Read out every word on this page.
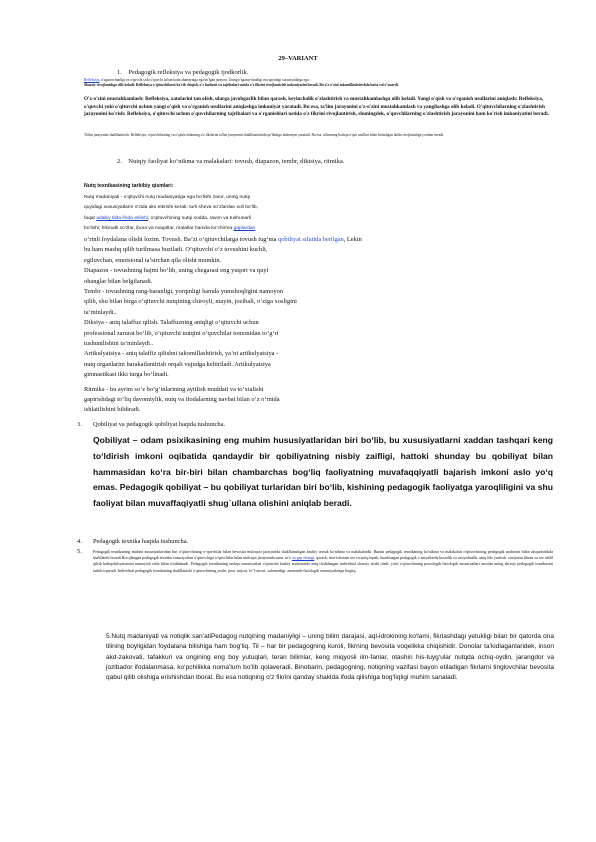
29–VARIANT
1. Pedagogik refleksiya va pedagogik ijodkorlik.
Refleksiya, o'zgaruvchanligi va o'quvchi yoki o'quvchi uchun katta ahamiyatga ega bo'lgan jarayon. Uning o'zgaruvchanligi esa quyidagi xususiyatlarga ega:
Shaxsiy rivojlanishga olib keladi: Refleksiya o'qituvchilarni ko'rib chiqish, o'z faoliyati va tajribalari ustida o'z fikrini rivojlantirish imkoniyatini beradi. Bu o'z-o'zini takomillashtirishda katta rol o'ynaydi.
O'z-o'zini mustahkamlash: Refleksiya, xatolarini tan olish, ularga javobgarlik bilan qarash, keyinchalik o'zlashtirish va mustahkamlashga olib keladi. Yangi o'qish va o'rganish usullarini aniqlash: Refleksiya, o'quvchi yoki o'qituvchi uchun yangi o'qish va o'rganish usullarini aniqlashga imkoniyat yaratadi. Bu esa, ta'lim jarayonini o'z-o'zini mustahkamlash va yangilashga olib keladi. O'qituvchilarning o'zlashtirish jarayonini ko'rish: Refleksiya, o'qituvchi uchun o'quvchilarning tajribalari va o'rganishlari ustida o'z fikrini rivojlantirish, shuningdek, o'quvchilarning o'zlashtirish jarayonini ham ko'rish imkoniyatini beradi.
Ta'lim jarayonini shakllantirish: Refleksiya, o'quvchilarning va o'qituvchilarning o'z fikrlarini ta'lim jarayonini shakllantirishda qo'llashga imkoniyat yaratadi. Bu esa, ta'limning boshqa o'quv usullari bilan birlashgan holda rivojlanishga yordam beradi.
2. Nutqiy faoliyat ko‘nikma va malakalari: tovush, diapazon, tembr, diktsiya, ritmika.
Nutq texnikasining tarkibiy qismlari:
Nutq madaniyati - o’qituvchi nutq madaniyatiga ega bo’lishi zarur, uning nutqi
quyidagi xususiyatlarni o’zida aks ettirishi kerak: turli sheva so’zlardan xoli bo’lib,
faqat adabiy tilda ifoda etilishi; o’qituvchining nutqi sodda, ravon va tushunarli
bo’lishi; hikmatli so’zlar, ibora va maqollar, matallar hamda ko’chirma gaplardan
o‘rinli foydalana olishi lozim. Tovush. Ba’zi o‘qituvchilarga tovush tug‘ma qobiliyat sifatida berilgan, Lekin
bu ham mashq qilib turilmasa buziladi. O‘qituvchi o‘z tovushini kuchli,
egiluvchan, emotsional ta’sirchan qila olishi mumkin.
Diapazon - tovushning hajmi bo‘lib, uning chegarasi eng yuqori va quyi
ohanglar bilan belgilanadi.
Tembr - tovushning rang-baranligi, yorqinligi hamda yumshoqligini namoyon
qilib, shu bilan birga o‘qituvchi nutqining chiroyli, mayin, jozibali, o‘ziga xosligini
ta’minlaydi..
Diksiya - aniq talaffuz qilish. Talaffuzning aniqligi o‘qituvchi uchun
professional zarurat bo‘lib, o‘qituvchi nutqini o‘quvchilar tomonidan to‘g‘ri
tushunilishini ta’minlaydi..
Artikulyatsiya - aniq talaffiz qilishni takomillashtirish, ya’ni artikulyatsiya -
nutq organlarini harakatlantirish orqali vujudga keltiriladi. Artikulyatsiya
gimnastikasi ikki turga bo‘linadi.
Ritmika - bu ayrim so‘z bo‘g‘inlarining aytilish muddati va to‘xtalishi
gapirishdagi to‘liq davomiylik, nutq va ifodalarning navbat bilan o‘z o‘rnida
ishlatilishini bildiradi.
3. Qobiliyat va pedagogik qobiliyat haqida tushuncha.
Qobiliyat – odam psixikasining eng muhim hususiyatlaridan biri bo‘lib, bu xususiyatlarni xaddan tashqari keng to‘ldirish imkoni oqibatida qandaydir bir qobiliyatning nisbiy zaifligi, hattoki shunday bu qobiliyat bilan hammasidan ko‘ra bir-biri bilan chambarchas bog‘liq faoliyatning muvafaqqiyatli bajarish imkoni aslo yo‘q emas. Pedagogik qobiliyat – bu qobiliyat turlaridan biri bo‘lib, kishining pedagogik faoliyatga yaroqliligini va shu faoliyat bilan muvaffaqiyatli shug`ullana olishini aniqlab beradi.
4. Pedagogik texnika haqida tushuncha.
5.	Pedagogik texnikaning muhim xususiyatlaridan biri o'qituvchining o‘quvchilar bilan bevosita muloqoti jarayonida shakllanadigan kasbiy texnik ko'nikma va malakalardir. Bunda pedagogik texnikaning ko'nikma va malakalari o'qituvchining pedagogik mahorati bilan aloqadorlikda shakllanib boradi.Rivojlangan pedagogik texnika xususiyatlari o'qituvchiga o‘quvchilar bilan muloqot jarayonida zarur so'z va gap ohangi, qarash, imo-ishorani tez va aniq topish, kuzilmagan pedagogik v aziyatlarda hostalik va osoyishtalik, aniq fikr yuritish, vaziyatni fikran va tez tahlil qilish kabiqobiliyatomini namoyish etish bilan ifodalanadi. Pedagogik texnikaning tashqu xususiyatlari o'qituvchi kasbiy mahoratida aniq ifodalangan individual shaxsiy shakl oladi, ya'ni o'qituvchining psixologik-fiziologik xususiyatlari asosida uning shixsiy pedagogik texnikasini tarkib topiradi. Individual pedagogik texnikaning shakllanishi o‘qituvchining yoshi, jinsi, mijozi, fe’l-atvori, salomatligi, anatomik-fiziologik xususiyatlariga bogiiq.
5.Nutq madaniyati va notiqlik san’atiPedagog nutqining madaniyligi – uning bilim darajasi, aql-idrokining ko‘lami, fikrlashdagi yetukligi bilan bir qatorda ona tilining boyligidan foydalana bilishiga ham bog‘liq. Til – har bir pedagogning kuroli, fikrning bevosita voqelikka chiqishidir. Donolar ta’kidlaganlaridek, inson akd-zakovati, tafakkuri va ongining eng boy yutuqlari, teran bilimlar, keng miqyosli ilm-fanlar, otashin his-tuyg‘ular nutqda ochiq-oydin, jarangdor va jozibador ifodalanmasa, ko‘pchilikka noma’lum bo‘lib qolaveradi. Binobarin, pedagogning, notiqning vazifasi bayon etiladigan fikrlarni tinglovchilar bevosita qabul qilib olishiga erishishdan iborat. Bu esa notiqning o‘z fikrini qanday shaklda ifoda qilishiga bog‘liqligi muhim sanaladi.
